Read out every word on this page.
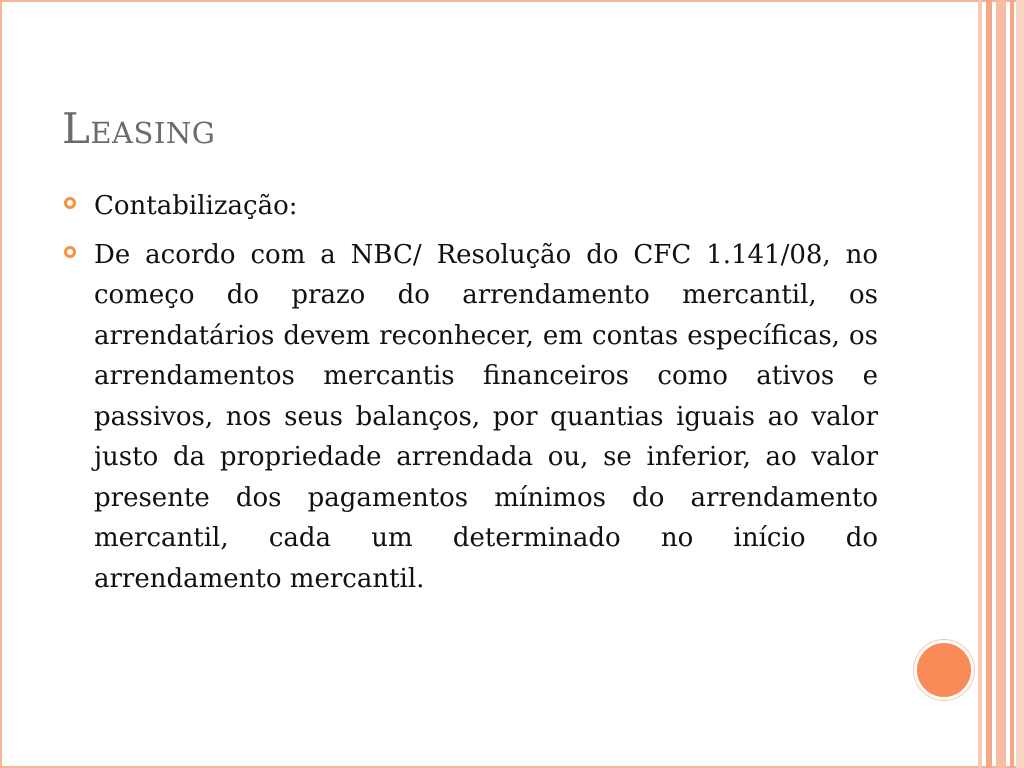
Leasing
Contabilização:
De acordo com a NBC/ Resolução do CFC 1.141/08, no começo do prazo do arrendamento mercantil, os arrendatários devem reconhecer, em contas específicas, os arrendamentos mercantis financeiros como ativos e passivos, nos seus balanços, por quantias iguais ao valor justo da propriedade arrendada ou, se inferior, ao valor presente dos pagamentos mínimos do arrendamento mercantil, cada um determinado no início do arrendamento mercantil.
